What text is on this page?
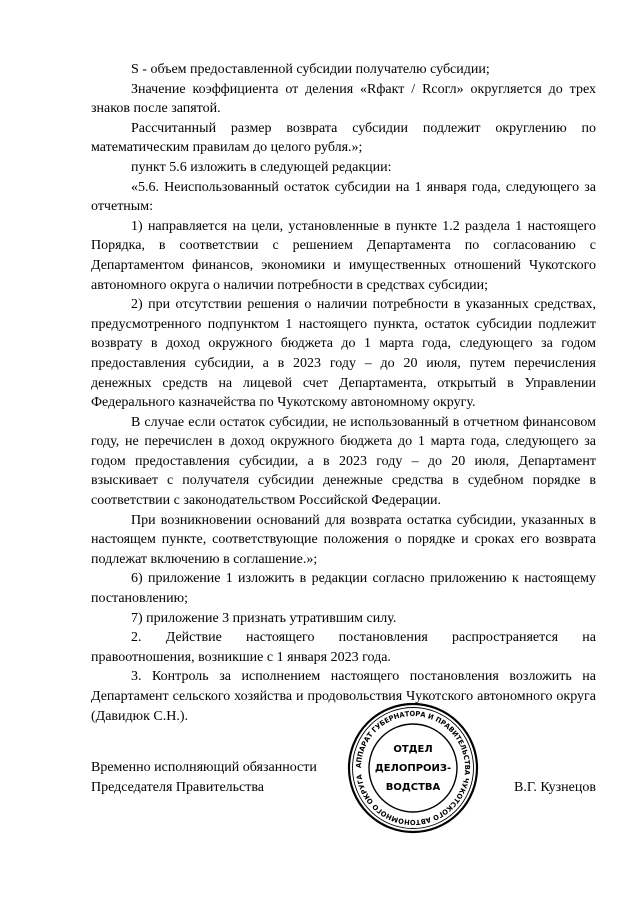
S - объем предоставленной субсидии получателю субсидии;

Значение коэффициента от деления «Rфакт / Rсогл» округляется до трех знаков после запятой.

Рассчитанный размер возврата субсидии подлежит округлению по математическим правилам до целого рубля.»;

пункт 5.6 изложить в следующей редакции:

«5.6. Неиспользованный остаток субсидии на 1 января года, следующего за отчетным:

1) направляется на цели, установленные в пункте 1.2 раздела 1 настоящего Порядка, в соответствии с решением Департамента по согласованию с Департаментом финансов, экономики и имущественных отношений Чукотского автономного округа о наличии потребности в средствах субсидии;

2) при отсутствии решения о наличии потребности в указанных средствах, предусмотренного подпунктом 1 настоящего пункта, остаток субсидии подлежит возврату в доход окружного бюджета до 1 марта года, следующего за годом предоставления субсидии, а в 2023 году – до 20 июля, путем перечисления денежных средств на лицевой счет Департамента, открытый в Управлении Федерального казначейства по Чукотскому автономному округу.

В случае если остаток субсидии, не использованный в отчетном финансовом году, не перечислен в доход окружного бюджета до 1 марта года, следующего за годом предоставления субсидии, а в 2023 году – до 20 июля, Департамент взыскивает с получателя субсидии денежные средства в судебном порядке в соответствии с законодательством Российской Федерации.

При возникновении оснований для возврата остатка субсидии, указанных в настоящем пункте, соответствующие положения о порядке и сроках его возврата подлежат включению в соглашение.»;

6) приложение 1 изложить в редакции согласно приложению к настоящему постановлению;

7) приложение 3 признать утратившим силу.

2. Действие настоящего постановления распространяется на правоотношения, возникшие с 1 января 2023 года.

3. Контроль за исполнением настоящего постановления возложить на Департамент сельского хозяйства и продовольствия Чукотского автономного округа (Давидюк С.Н.).

Временно исполняющий обязанности Председателя Правительства	В.Г. Кузнецов
АППАРАТ ГУБЕРНАТОРА И ПРАВИТЕЛЬСТВА ЧУКОТСКОГО АВТОНОМНОГО ОКРУГА
ОТДЕЛ
ДЕЛОПРОИЗ-
ВОДСТВА
